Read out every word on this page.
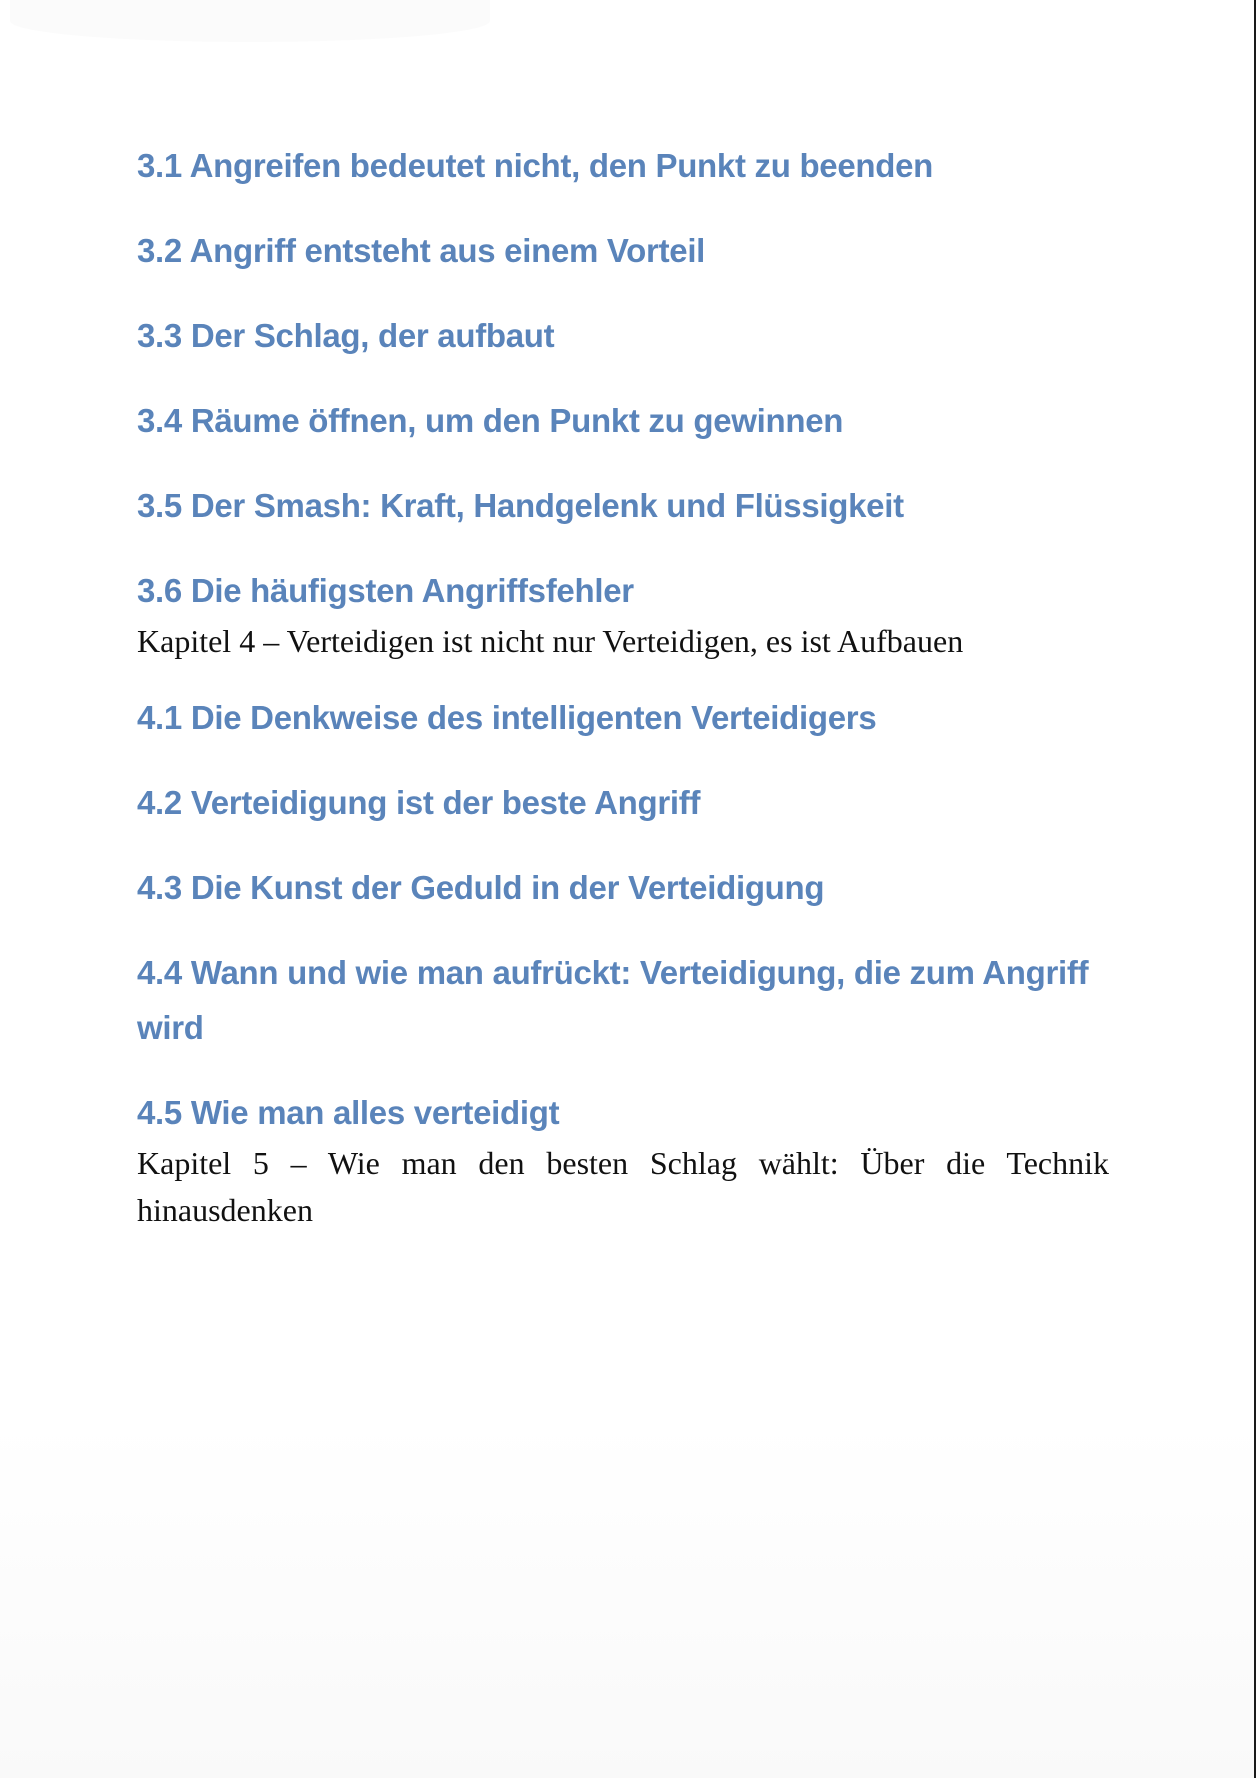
3.1 Angreifen bedeutet nicht, den Punkt zu beenden

3.2 Angriff entsteht aus einem Vorteil

3.3 Der Schlag, der aufbaut

3.4 Räume öffnen, um den Punkt zu gewinnen

3.5 Der Smash: Kraft, Handgelenk und Flüssigkeit

3.6 Die häufigsten Angriffsfehler

Kapitel 4 – Verteidigen ist nicht nur Verteidigen, es ist Aufbauen

4.1 Die Denkweise des intelligenten Verteidigers

4.2 Verteidigung ist der beste Angriff

4.3 Die Kunst der Geduld in der Verteidigung

4.4 Wann und wie man aufrückt: Verteidigung, die zum Angriff wird

4.5 Wie man alles verteidigt

Kapitel 5 – Wie man den besten Schlag wählt: Über die Technik hinausdenken
